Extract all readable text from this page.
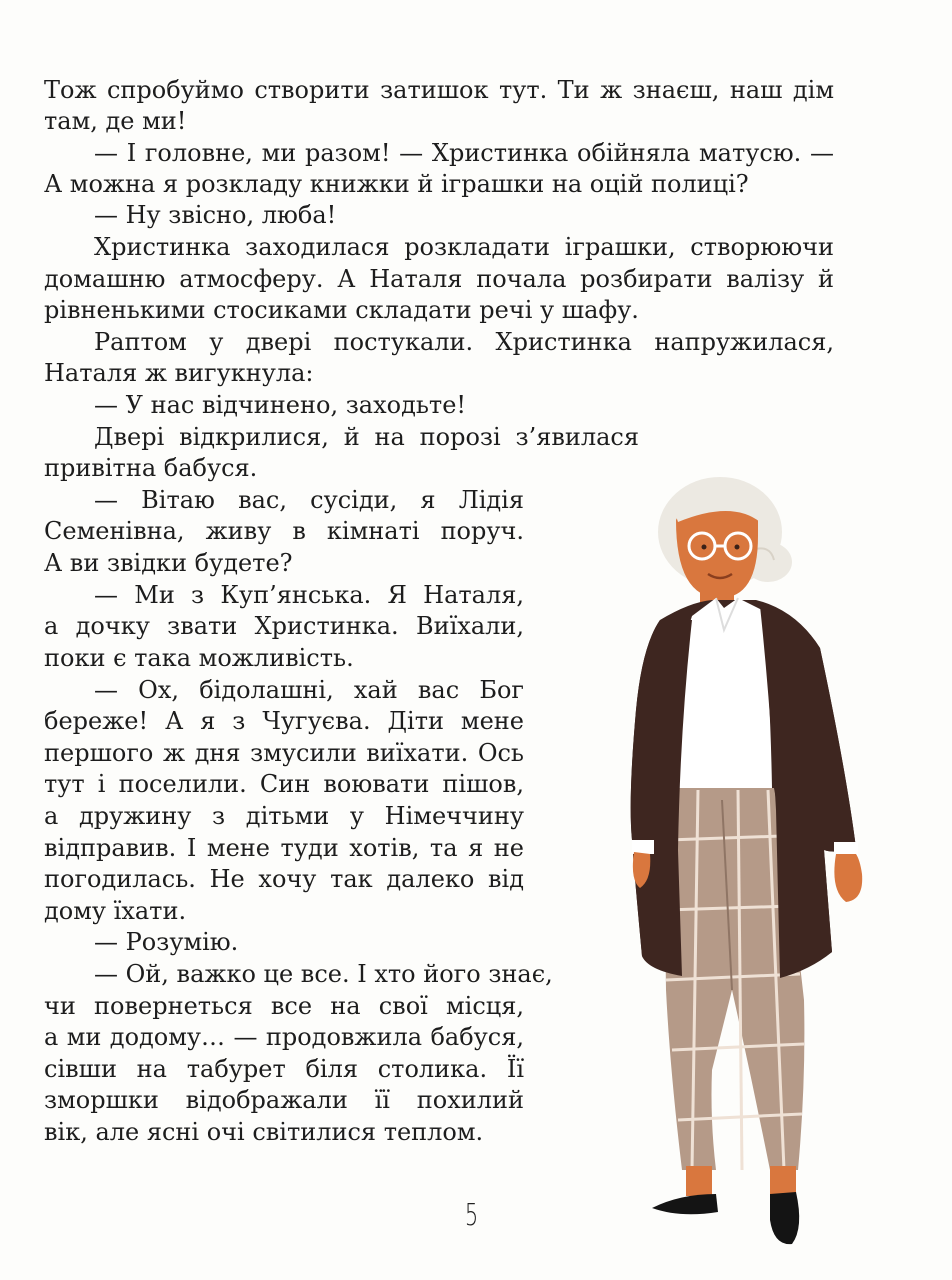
Тож спробуймо створити затишок тут. Ти ж знаєш, наш дім
там, де ми!
— І головне, ми разом! — Христинка обійняла матусю. —
А можна я розкладу книжки й іграшки на оцій полиці?
— Ну звісно, люба!
Христинка заходилася розкладати іграшки, створюючи
домашню атмосферу. А Наталя почала розбирати валізу й
рівненькими стосиками складати речі у шафу.
Раптом у двері постукали. Христинка напружилася,
Наталя ж вигукнула:
— У нас відчинено, заходьте!
Двері відкрилися, й на порозі з’явилася
привітна бабуся.
— Вітаю вас, сусіди, я Лідія
Семенівна, живу в кімнаті поруч.
А ви звідки будете?
— Ми з Куп’янська. Я Наталя,
а дочку звати Христинка. Виїхали,
поки є така можливість.
— Ох, бідолашні, хай вас Бог
береже! А я з Чугуєва. Діти мене
першого ж дня змусили виїхати. Ось
тут і поселили. Син воювати пішов,
а дружину з дітьми у Німеччину
відправив. І мене туди хотів, та я не
погодилась. Не хочу так далеко від
дому їхати.
— Розумію.
— Ой, важко це все. І хто його знає,
чи повернеться все на свої місця,
а ми додому… — продовжила бабуся,
сівши на табурет біля столика. Її
зморшки відображали її похилий
вік, але ясні очі світилися теплом.
5
